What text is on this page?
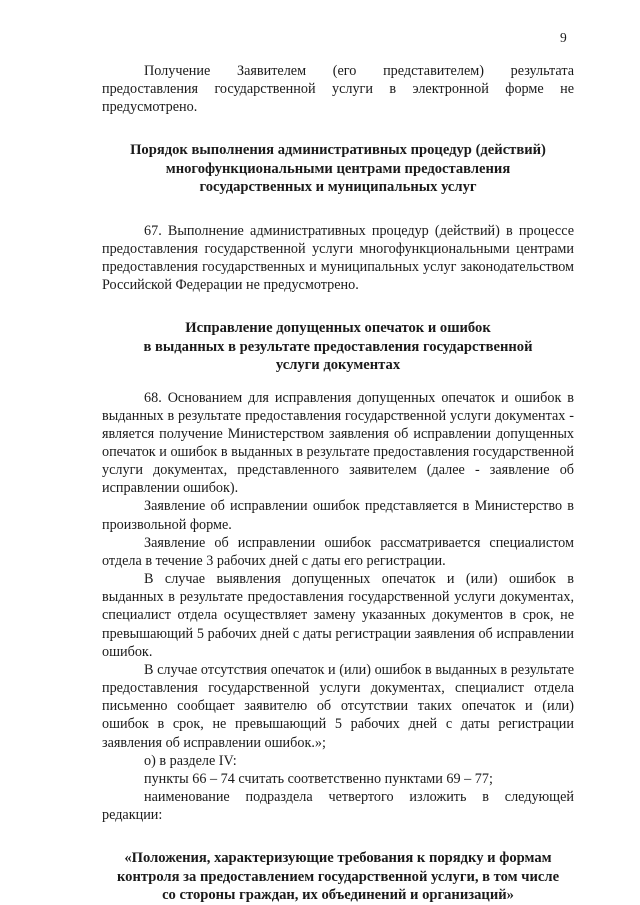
9

Получение Заявителем (его представителем) результата предоставления государственной услуги в электронной форме не предусмотрено.

Порядок выполнения административных процедур (действий)
многофункциональными центрами предоставления
государственных и муниципальных услуг

67. Выполнение административных процедур (действий) в процессе предоставления государственной услуги многофункциональными центрами предоставления государственных и муниципальных услуг законодательством Российской Федерации не предусмотрено.

Исправление допущенных опечаток и ошибок
в выданных в результате предоставления государственной
услуги документах

68. Основанием для исправления допущенных опечаток и ошибок в выданных в результате предоставления государственной услуги документах - является получение Министерством заявления об исправлении допущенных опечаток и ошибок в выданных в результате предоставления государственной услуги документах, представленного заявителем (далее - заявление об исправлении ошибок).

Заявление об исправлении ошибок представляется в Министерство в произвольной форме.

Заявление об исправлении ошибок рассматривается специалистом отдела в течение 3 рабочих дней с даты его регистрации.

В случае выявления допущенных опечаток и (или) ошибок в выданных в результате предоставления государственной услуги документах, специалист отдела осуществляет замену указанных документов в срок, не превышающий 5 рабочих дней с даты регистрации заявления об исправлении ошибок.

В случае отсутствия опечаток и (или) ошибок в выданных в результате предоставления государственной услуги документах, специалист отдела письменно сообщает заявителю об отсутствии таких опечаток и (или) ошибок в срок, не превышающий 5 рабочих дней с даты регистрации заявления об исправлении ошибок.»;

о) в разделе IV:

пункты 66 – 74 считать соответственно пунктами 69 – 77;

наименование подраздела четвертого изложить в следующей редакции:

«Положения, характеризующие требования к порядку и формам
контроля за предоставлением государственной услуги, в том числе
со стороны граждан, их объединений и организаций»
